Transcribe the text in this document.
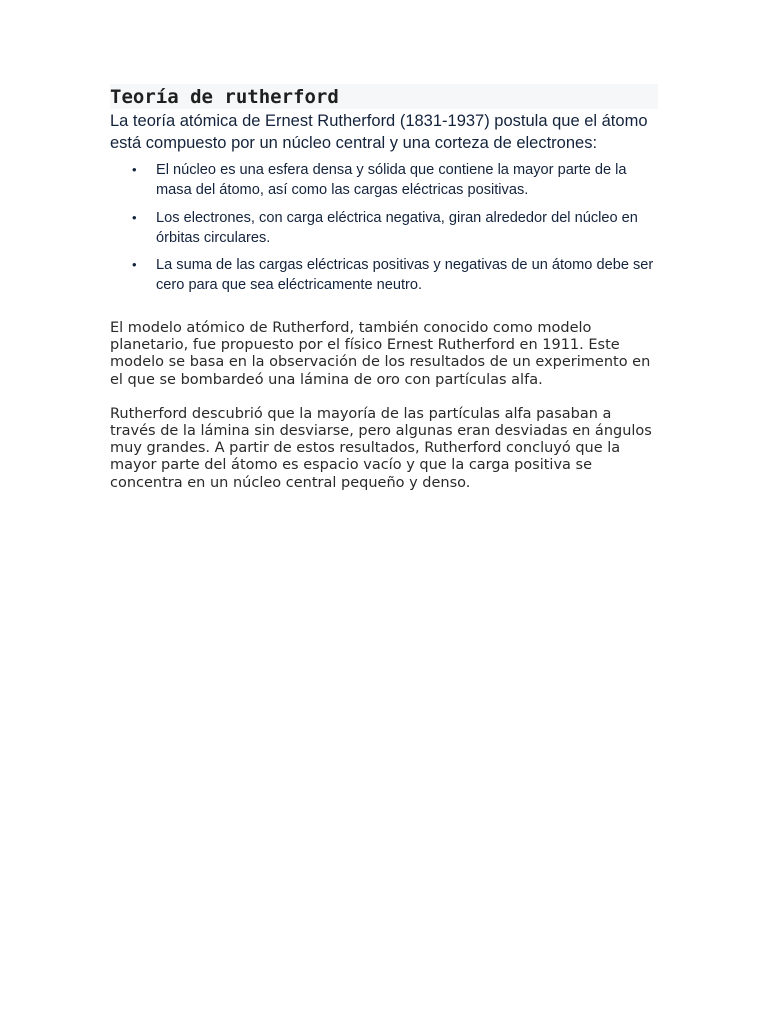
Teoría de rutherford

La teoría atómica de Ernest Rutherford (1831-1937) postula que el átomo está compuesto por un núcleo central y una corteza de electrones:

• El núcleo es una esfera densa y sólida que contiene la mayor parte de la masa del átomo, así como las cargas eléctricas positivas.
• Los electrones, con carga eléctrica negativa, giran alrededor del núcleo en órbitas circulares.
• La suma de las cargas eléctricas positivas y negativas de un átomo debe ser cero para que sea eléctricamente neutro.

El modelo atómico de Rutherford, también conocido como modelo planetario, fue propuesto por el físico Ernest Rutherford en 1911. Este modelo se basa en la observación de los resultados de un experimento en el que se bombardeó una lámina de oro con partículas alfa.

Rutherford descubrió que la mayoría de las partículas alfa pasaban a través de la lámina sin desviarse, pero algunas eran desviadas en ángulos muy grandes. A partir de estos resultados, Rutherford concluyó que la mayor parte del átomo es espacio vacío y que la carga positiva se concentra en un núcleo central pequeño y denso.
